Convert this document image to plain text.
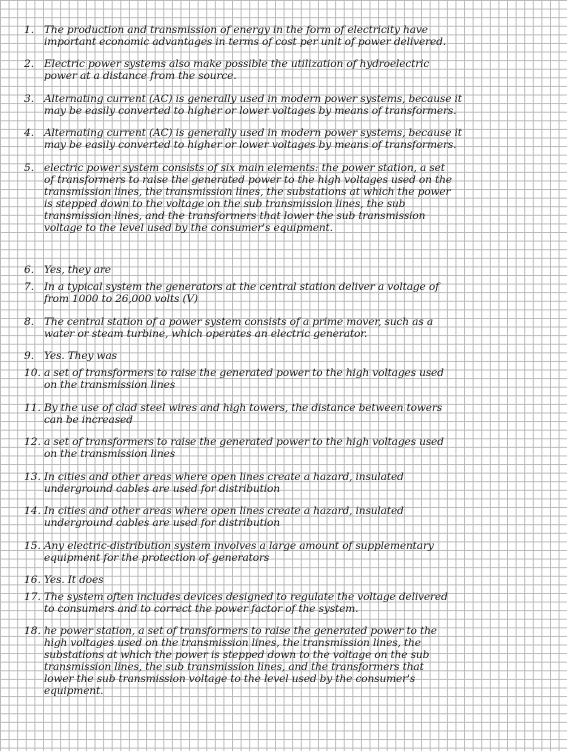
1. The production and transmission of energy in the form of electricity have
important economic advantages in terms of cost per unit of power delivered.
2. Electric power systems also make possible the utilization of hydroelectric
power at a distance from the source.
3. Alternating current (AC) is generally used in modern power systems, because it
may be easily converted to higher or lower voltages by means of transformers.
4. Alternating current (AC) is generally used in modern power systems, because it
may be easily converted to higher or lower voltages by means of transformers.
5. electric power system consists of six main elements: the power station, a set
of transformers to raise the generated power to the high voltages used on the
transmission lines, the transmission lines, the substations at which the power
is stepped down to the voltage on the sub transmission lines, the sub
transmission lines, and the transformers that lower the sub transmission
voltage to the level used by the consumer's equipment.
6. Yes, they are
7. In a typical system the generators at the central station deliver a voltage of
from 1000 to 26,000 volts (V)
8. The central station of a power system consists of a prime mover, such as a
water or steam turbine, which operates an electric generator.
9. Yes. They was
10. a set of transformers to raise the generated power to the high voltages used
on the transmission lines
11. By the use of clad steel wires and high towers, the distance between towers
can be increased
12. a set of transformers to raise the generated power to the high voltages used
on the transmission lines
13. In cities and other areas where open lines create a hazard, insulated
underground cables are used for distribution
14. In cities and other areas where open lines create a hazard, insulated
underground cables are used for distribution
15. Any electric-distribution system involves a large amount of supplementary
equipment for the protection of generators
16. Yes. It does
17. The system often includes devices designed to regulate the voltage delivered
to consumers and to correct the power factor of the system.
18. he power station, a set of transformers to raise the generated power to the
high voltages used on the transmission lines, the transmission lines, the
substations at which the power is stepped down to the voltage on the sub
transmission lines, the sub transmission lines, and the transformers that
lower the sub transmission voltage to the level used by the consumer's
equipment.
